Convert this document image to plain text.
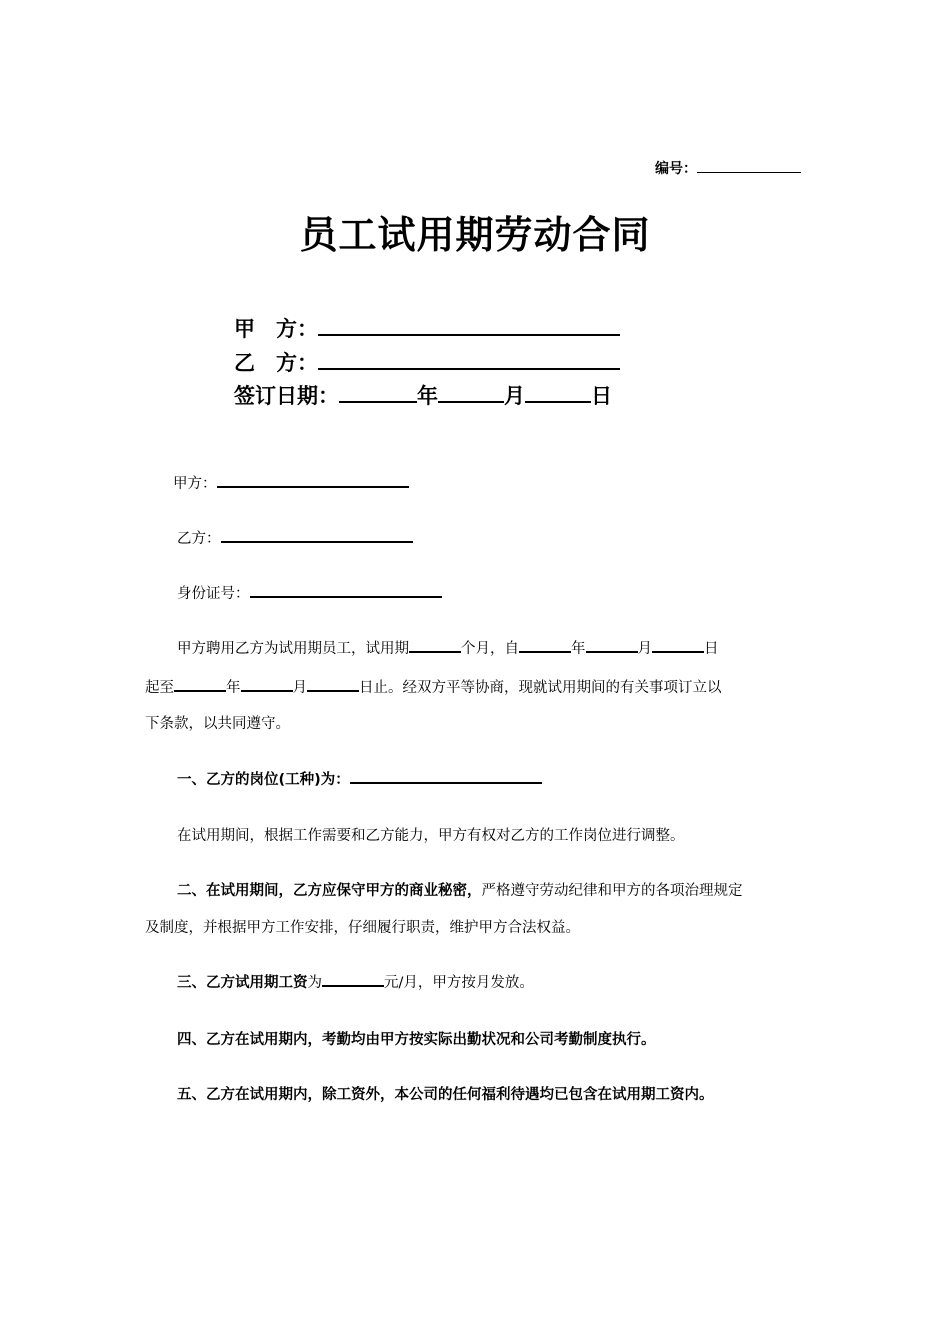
编号：
员工试用期劳动合同
甲　方：
乙　方：
签订日期：	年	月	日
甲方：
乙方：
身份证号：
甲方聘用乙方为试用期员工，试用期	个月，自	年	月	日
起至	年	月	日止。经双方平等协商，现就试用期间的有关事项订立以
下条款，以共同遵守。
一、乙方的岗位(工种)为：
在试用期间，根据工作需要和乙方能力，甲方有权对乙方的工作岗位进行调整。
二、在试用期间，乙方应保守甲方的商业秘密，严格遵守劳动纪律和甲方的各项治理规定
及制度，并根据甲方工作安排，仔细履行职责，维护甲方合法权益。
三、乙方试用期工资为	元/月，甲方按月发放。
四、乙方在试用期内，考勤均由甲方按实际出勤状况和公司考勤制度执行。
五、乙方在试用期内，除工资外，本公司的任何福利待遇均已包含在试用期工资内。
